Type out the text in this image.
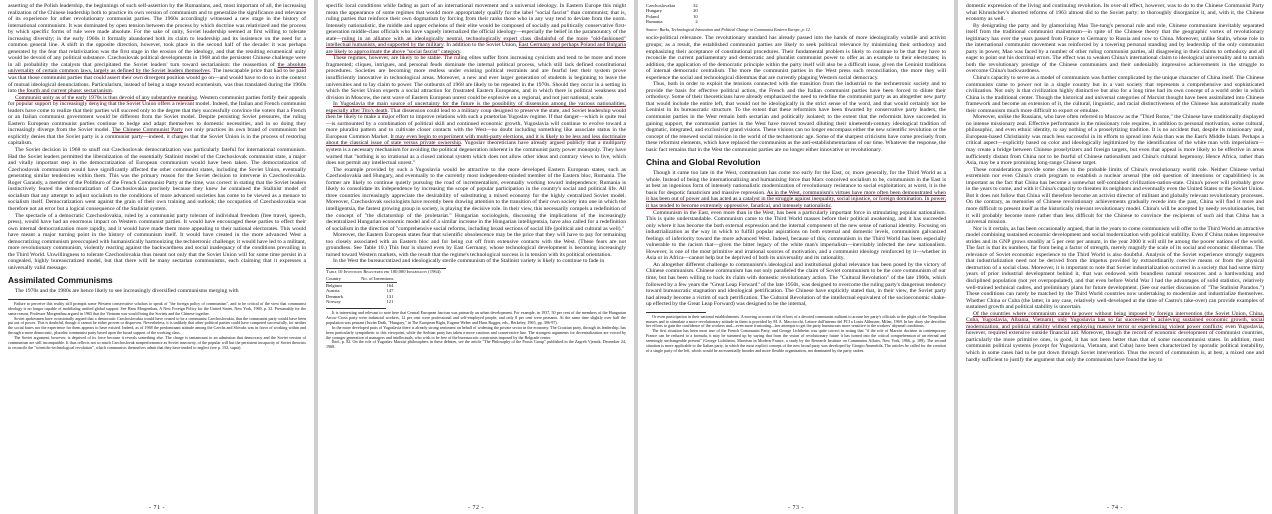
asserting of the Polish leadership, the beginnings of such self-assertion by the Rumanians, and, most important of all, the increasing realization of the Chinese leadership both to practice its own version of communism and to generalize the significance and relevance of its experience for other revolutionary communist parties. The 1960s accordingly witnessed a new stage in the history of international communism. It was dominated by open tension between the process by which doctrine was relativized and the process by which specific forms of rule were made absolute. For the sake of unity, Soviet leadership seemed at first willing to tolerate increasing diversity; in the early 1960s it formally abandoned both its claim to leadership and its insistence on the need for a common general line. A shift in the opposite direction, however, took place in the second half of the decade: it was perhaps generated by the fear that relativization was the first stage in the erosion of the ideology, and that the resulting ecumenical unity would be devoid of any political substance. Czechoslovak political developments in 1968 and the persistent Chinese challenge were in all probability the catalysts that precipitated the Soviet leaders' turn toward sectarianism: the reassertion of the absolute universality of certain common laws, largely as defined by the Soviet leaders themselves. The inescapable price that had to be paid was that those communist parties that could assert their own divergent position would go on—and would have to do so in the context of mutual ideological denunciations. Particularism, instead of being a stage toward ecumenism, was thus translated during the 1960s into the fourth and current phase: sectarianism.

Communist unity as of the early 1970s is thus devoid of any substantive meaning. Western communist parties fortify their appeals for popular support by increasingly denying that the Soviet Union offers a relevant model. Indeed, the Italian and French communist leaders have come to realize that their parties will succeed only to the degree that they successfully convince the voters that a French or an Italian communist government would be different from the Soviet model. Despite persisting Soviet pressures, the ruling Eastern European communist parties continue to hedge and adapt themselves to domestic necessities, and in so doing they increasingly diverge from the Soviet model. The Chinese Communist Party not only practices its own brand of communism but explicitly denies that the Soviet party is a communist party—indeed, it charges that the Soviet Union is in the process of restoring capitalism.

The Soviet decision in 1968 to snuff out Czechoslovak democratization was particularly fateful for international communism. Had the Soviet leaders permitted the liberalization of the essentially Stalinist model of the Czechoslovak communist state, a major and vitally important step in the democratization of European communism would have been taken. The democratization of Czechoslovak communism would have significantly affected the other communist states, including the Soviet Union, eventually generating similar tendencies within them. This was the primary reason for the Soviet decision to intervene in Czechoslovakia. Roger Garaudy, a member of the Politburo of the French Communist Party at the time, was correct in stating that the Soviet leaders instinctively feared the democratization of Czechoslovakia precisely because they knew he contained the Stalinist model of socialism that any attempt to adjust socialism to the conditions of more advanced societies has come to be viewed as a menace to socialism itself. Democratization went against the grain of their own training and outlook; the occupation of Czechoslovakia was therefore not an error but a logical consequence of the Stalinist system.

The spectacle of a democratic Czechoslovakia, ruled by a communist party tolerant of individual freedom (free travel, speech, press), would have had an enormous impact on Western communist parties. It would have encouraged these parties to effect their own internal democratization more rapidly, and it would have made them more appealing to their national electorates. This would have meant a major turning point in the history of communism itself. It would have created in the more advanced West a democratizing communism preoccupied with humanistically harmonizing the technetronic challenge; it would have led to a militant, more revolutionary communism, violently reacting against the backwardness and social inadequacy of the conditions prevailing in the Third World. Unwillingness to tolerate Czechoslovakia thus meant not only that the Soviet Union will for some time persist in a congealed, highly bureaucratized model, but that there will be many sectarian communisms, each claiming that it expresses a universally valid message.

Assimilated Communisms

The 1970s and the 1980s are hence likely to see increasingly diversified communisms merging with

Failure to perceive this reality still prompts some Western conservative scholars to speak of "the foreign policy of communism", and to be critical of the view that communist ideology is no longer capable of mobilizing unified global support. See Hans Morgenthau, A New Foreign Policy for the United States, New York, 1969, p. 32. Presumably for the same reason, Professor Morgenthau argued in 1965 that the Vietnam war would bring the Soviets and the Chinese together.

Soviet spokesmen have occasionally argued that a democratic Czechoslovakia would have ceased to be a communist Czechoslovakia, that the communist party would have been put out of power. This is doubtful, though it cannot be either proven or disproven. Nevertheless, it is unlikely that other political parties could have competed successfully, for neither the social bases nor the experience for them appears to have existed. Indeed, as of 1968 the predominant attitude among the Czechs and Slovaks was in favor of working within and through a more democratic, pluralist communist party based upon the broad support of the working class.

The Soviet argument, however, is deprived of its force because it reveals something else. The charge is tantamount to an admission that democracy and the Soviet version of communism are still incompatible. It thus reflects not so much Czechoslovak nonperformance as Soviet insecurity, of the popular will but the persistent incapacity of Soviet theorists to reconcile the "scientific-technological revolution", which communists themselves admit that they have tended to neglect (see p. 152, supra).

- 71 -

specific local conditions while fading as part of an international movement and a universal ideology. In Eastern Europe this might mean the appearance of some regimes that would more appropriately qualify for the label "social fascist" than communist; that is, ruling parties that reinforce their own dogmatism by forcing from their ranks those who in any way tend to deviate from the norm. Intensely nationalistic, the middle and upper echelons of their elite would be composed of socially and politically conservative first-generation middle-class officials who have vaguely internalized the official ideology—especially the belief in the paramountcy of the state—ruling in an alliance with an ideologically neutral, technologically expert class disdainful of the more "old-fashioned" intellectual humanists, and supported by the military. In addition to the Soviet Union, East Germany and perhaps Poland and Bulgaria are likely to approximate the above "social fascist" category.

These regimes, however, are likely to be stable. The ruling elites suffer from increasing cynicism and tend to be more and more fragmented; cliques, intrigues, and personal feuds dominate the internal political process, which still lack defined constitutional procedures. Societies are becoming more restless under existing political restraints and are fearful lest their system prove insufficiently innovative in technological areas. Moreover, a new and ever larger generation of students is beginning to leave the universities and to lay claim to power. The outbursts of 1968 are likely to be repeated in the 1970s. Should they occur in a setting in which the Soviet Union experts a social attraction for frustrated Eastern Europeans, and in which there is political weakness and division in Moscow, the next wave of Eastern European unrest could be explosive on a regional, and not just national, scale.

In Yugoslavia the main source of uncertainty for the future is the possibility of dissension among the various nationalities, especially after Tito's death. That dissension could lead to a military coup designed to preserve the state, and Soviet leadership would then be likely to make a major effort to improve relations with such a praetorian Yugoslav regime. If that danger—which is quite real—is surmounted by a combination of political skill and continued economic growth, Yugoslavia will continue to evolve toward a more pluralist pattern and to cultivate closer contacts with the West—no doubt including something like associate status in the European Common Market. It may even begin to experiment with multi-party elections, and it is likely to be less and less doctrinaire about the classical issue of state versus private ownership. Yugoslav theoreticians have already argued publicly that a multiparty system is a necessary mechanism for avoiding the political degeneration inherent in the communist party power monopoly. They have warned that "nothing is so irrational as a closed rational system which does not allow other ideas and contrary views to live, which does not permit any intellectual unrest."

The example provided by such a Yugoslavia would be attractive to the more developed Eastern European states, such as Czechoslovakia and Hungary, and eventually to the currently most independent-minded member of the Eastern bloc, Rumania. The former are likely to continue quietly pursuing the road of incrementalism, eventually working toward independence; Rumania is likely to consolidate its independence by increasing the scope of popular participation in the country's social and political life. All three countries increasingly appreciate the desirability of substituting a mixed economy for the highly centralized Soviet model. Moreover, Czechoslovak sociologists have recently been drawing attention to the transition of their own society into one in which the intelligentsia, the fastest growing group in society, is playing the decisive role. In their view, this necessarily compels a redefinition of the concept of "the dictatorship of the proletariat." Hungarian sociologists, discussing the implications of the increasingly decentralized Hungarian economic model and of a similar increase in the Hungarian intelligentsia, have also called for a redefinition of socialism in the direction of "comprehensive social reforms, including broad sections of social life (political and cultural as well)."

Moreover, the Eastern European states fear that scientific obsolescence may be the price that they will have to pay for remaining too closely associated with an Eastern bloc and for being cut off from extensive contacts with the West. (These fears are not groundless. See Table 10.) This fear is shared even by East Germany, whose technological development is becoming increasingly turned toward Western markets, with the result that the regime's technological success is in tension with its political orientation.

In the West the bureaucratized and ideologically sterile communism of the Stalinist variety is likely to continue to fade in

Table 10 Inventions Registered per 100,000 Inhabitants (1964)
Country	No. of Inventions
Belgium	164
Austria	147
Denmark	131
Norway	121

It is interesting and relevant to note here that Central European fascism was primarily an urban development. For example, in 1937, 50 per cent of the members of the Hungarian Arrow Cross party were industrial workers, 12 per cent were professional and self-employed people, and only 8 per cent were peasants. At the same time slightly over half the population was peasant (István Deák, "Hungary," in The European Right, Eugene Weber and Hans Rogger, eds., Berkeley, 1965, pp. 396-97).

In the more developed parts of Yugoslavia there is already strong sentiment on behalf of widening the private sector in the economy. The Croatian party, through its leadership, has been particularly sympathetic to this viewpoint, while the Serbian party has taken a more cautious and conservative line. The strongest arguments for decentralization are voiced by the younger generation of managers and intellectuals, who wish to be free of the bureaucratic constraints imposed by the Belgrade center.

Ibid., p. 82. On the role of Yugoslav Marxist philosophers in these debates, see the article "The Philosophy of the Praxis Group" published in the Zagreb Vjesnik, December 24, 1968.

- 72 -
Czechoslovakia	32
Hungary	20
Poland	10
Rumania	2
Source: Burks, Technological Innovation and Political Change in Communist Eastern Europe, p. 12.

socio-political relevance. The revolutionary standard has already passed into the hands of more ideologically volatile and activist groups; as a result, the established communist parties are likely to seek political relevance by minimizing their orthodoxy and emphasizing their acceptance of constitutional procedures. Their fundamental problem is likely to continue to be that they have to reconcile the current parliamentary and democratic and pluralist communist power to offer as an example to their electorates; in addition, the application of the democratic principle within the party itself will also be a difficult issue, given the Leninist traditions of internal democratic centralism. The more the communist parties in the West press such reconciliation, the more they will experience the social and technological dilemmas that are currently plaguing Western social democracy.

Thus, both in order to exploit the tensions connected with the transition from the industrial to the technetronic society and to provide the basis for effective political action, the French and the Italian communist parties have been forced to dilute their orthodoxy. Some of their theoreticians have already emphasized the need to redefine the communist party as an altogether new party that would include the entire left, that would not be ideologically in the strict sense of the word, and that would certainly not be Leninist in its bureaucratic structure. To the extent that these reformists have been thwarted by conservative party leaders, the communist parties in the West remain both sectarian and politically isolated; to the extent that the reformists have succeeded in gaining support, the communist parties in the West have moved toward diluting their nineteenth-century ideological tradition of dogmatic, integrated, and exclusivist grand visions. These visions can no longer encompass either the new scientific revolution or the concept of the renewed social mission in the world of the technetronic age. Some of the sharpest criticisms have come precisely from these reformist elements, which have replaced the communists as the anti-establishmentarians of our time. Whatever the response, the basic fact remains that in the West the communist parties are no longer either innovative or revolutionary.

China and Global Revolution

Though it came too late in the West, communism has come too early for the East, or, more generally, for the Third World as a whole. Instead of being the internationalizing and humanizing force that Marx conceived socialism to be, communism in the East is at best an ingenious form of intensely nationalistic modernization of revolutionary resistance to social exploitation; at worst, it is the basis for despotic fanaticism and massive repression. As in the West, communism's virtues have more often been demonstrated when it has been out of power and has acted as a catalyst in the struggle against inequality, social injustice, or foreign domination. In power, it has tended to become extremely oppressive, fanatical, and intensely nationalistic.

Communism in the East, even more than in the West, has been a particularly important force in stimulating popular nationalism. This is quite understandable. Communism came to the Third World masses before their political awakening, and it has succeeded only where it has become the both external expression and the internal component of the new sense of national identity. Focusing on industrialization as the way in which to fulfill popular aspirations on both external and domestic levels, communism galvanized feelings of inferiority toward the more advanced West. Indeed, because of this, communism in the Third World has been especially vulnerable to the racism that—given the bitter legacy of the white man's imperialism—inevitably infected the new nationalism. However, is one of the most primitive and irrational sources of motivation, and a communist ideology reinforced by it—whether in Asia or in Africa—cannot help but be deprived of both its universality and its rationality.

An altogether different challenge to communism's ideological and institutional global relevance has been posed by the victory of Chinese communism. Chinese communism has not only paralleled the claim of Soviet communism to be the core communism of our time, but has been willing to back its claim with domestic revolutionary action. The "Cultural Revolution" of the late 1960s, which followed by a few years the "Great Leap Forward" of the late 1950s, was designed to overcome the ruling party's dangerous tendency toward bureaucratic stagnation and ideological petrification. The Chinese have explicitly stated that, in their view, the Soviet party had already become a victim of such petrification. The Cultural Revolution of the intellectual equivalent of the socioeconomic shake-up effected by the Great Leap Forward) was designed to be the internal,

Or even participation in their national establishments. A moving account of the efforts of a devoted communist militant to arouse her party's officials to the plight of the Neapolitan masses and to stimulate a more revolutionary attitude in them is provided by M. A. Macciocchi, Lettere dall'interno del PCI a Louis Althusser, Milan, 1969. In her diary she describes her efforts to gain the confidence of the workers and—even more frustrating—her attempts to get the party bureaucrats more sensitive to the workers' abysmal conditions.

The first situation has been most true of the French Communist Party, and George Lichtheim was quite correct in noting that "if the role of Marxist doctrine in contemporary France can be reduced to a formula, it may be summed up by saying that from the vision of revolutionary future it has turned into the critical comprehension of an eternal and seemingly unchangeable present" (George Lichtheim, Marxism in Modern France, a study by the Research Institute on Communist Affairs, New York, 1966, p. 189). The second situation is more applicable to the Italian party, in which the most explicit concept of the new broad party was developed by Giorgio Amendola. The articles he called for the creation of a single party of the left, which would be an essentially broader and more flexible organization, not dominated by the party cadres.

- 73 -

domestic expression of the living and continuing revolution. Its over-all effect, however, was to do to the Chinese Communist Party what Khrushchev's aborted reforms of 1963 almost did to the Soviet party: to thoroughly disorganize it, and, with it, the Chinese economy as well.

By denigrating the party and by glamorizing Mao Tse-tung's personal rule and role, Chinese communism inevitably separated itself from the traditional communist mainstream—in spite of the Chinese theory that the geographic vortex of revolutionary legitimacy has over the years passed from France to Germany to Russia and now to China. Moreover, unlike Stalin, whose role in the international communist movement was reinforced by a towering personal standing and by leadership of the only communist party in power, Mao was faced by a number of other ruling communist parties, all disagreeing in their claims to orthodoxy and all eager to point out his doctrinal errors. The effect was to weaken China's international claim to ideological universality and to tarnish both the revolutionary prestige of the Chinese communists and their undeniably impressive achievements in the struggle to overcome China's backwardness.

China's capacity to serve as a model of communism was further complicated by the unique character of China itself. The Chinese communists came to power not in a single country but in a vast society that represents a comprehensive and sophisticated civilization. Not only is that civilization highly distinctive but also for a long time had its own concept of a world order in which China is the traditional center. Though the historical and universal categories of Marxist thought have been assimilated into Chinese framework and become an extension of it, the cultural, linguistic, and racial distinctiveness of the Chinese has automatically made their communism much more difficult to export or emulate.

Moreover, unlike the Russians, who have often referred to Moscow as the "Third Rome," the Chinese have traditionally displayed no intense missionary zeal. Effective performance in the missionary role requires, in addition to personal motivation, some cultural, philosophic, and even ethnic identity, to say nothing of a proselytizing tradition. It is no accident that, despite its missionary zeal, European-based Christianity was much less successful in its efforts to spread into Asia than was the East's Middle Islam. Perhaps a critical aspect—explicitly based on color and ideologically legitimized by the identification of the white man with imperialism—may create a bridge between Chinese proselytizers and foreign targets, but even that appeal is more likely to be effective in areas sufficiently distant from China not to be fearful of Chinese nationalism and China's cultural hegemony. Hence Africa, rather than Asia, may be a more promising long-range Chinese target.

These considerations provide some clues to the probable limits of China's revolutionary world role. Neither Chinese verbal extremism nor even China's crash program to establish a nuclear arsenal (the old question of intentions or capabilities) is as important as the fact that China has become a somewhat self-contained civilization-nation-state. China's power will probably grow in the years to come, and with it China's capacity to threaten its neighbors and eventually even the United States or the Soviet Union. But it does not follow that China will therefore become an activist director of militant and globally relevant revolutionary processes. On the contrary, as memories of Chinese revolutionary achievements gradually recede into the past, China will find it more and more difficult to present itself as the historically relevant revolutionary model. China's will be accepted by needy revolutionaries, but it will probably become more rather than less difficult for the Chinese to convince the recipients of such aid that China has a universal mission.

Nor is it certain, as has been occasionally argued, that in the years to come communism will offer to the Third World an attractive model combining sustained economic development and social modernization with political stability. Even if China makes impressive strides and its GNP grows steadily at 5 per cent per annum, in the year 2000 it will still be among the poorer nations of the world. The fact is that its numbers, far from being a factor of strength, merely magnify the scale of its social and economic dilemmas. The relevance of Soviet economic experience to the Third World is also doubtful. Analysis of the Soviet experience strongly suggests that industrialization need not be derived from the impetus provided by extraordinarily coercive means or from the physical destruction of a social class. Moreover, it is important to note that Soviet industrialization occurred in a society that had some thirty years of prior industrial development behind it, that was endowed with boundless natural resources and a hardworking and disciplined population (not yet overpopulated), and that even before World War I had the advantages of solid statistics, relatively well-trained technical cadres, and preliminary plans for future development. (See our earlier discussion of "The Stalinist Paradox.") These conditions can rarely be matched by the Third World countries now undertaking to modernize and industrialize themselves. Whether China or Cuba (the latter, in any case, relatively well-developed at the time of Castro's take-over) can provide examples of sustained growth and political stability is uncertain.

Of the countries where communism came to power without being imposed by foreign intervention (the Soviet Union, China, Cuba, Yugoslavia, Albania, Vietnam), only Yugoslavia has so far succeeded in achieving sustained economic growth, social modernization, and political stability without employing massive terror or experiencing violent power conflicts; even Yugoslavia, however, required extensive outside financial aid. Moreover, though the record of economic development of communist countries, particularly the more primitive ones, is good, it has not been better than that of some noncommunist states. In addition, most communist political systems (except for Yugoslavia, Vietnam, and Cuba) have been characterized by sporadic political instability, which in some cases had to be put down through Soviet intervention. Thus the record of communism is, at best, a mixed one and hardly sufficient to justify the argument that only the communists have found the key to

- 74 -
